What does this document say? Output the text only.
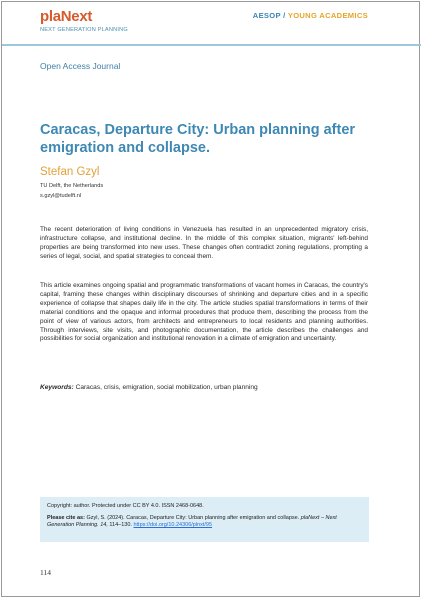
plaNext
NEXT GENERATION PLANNING
AESOP / YOUNG ACADEMICS
Open Access Journal
Caracas, Departure City: Urban planning after emigration and collapse.
Stefan Gzyl
TU Delft, the Netherlands
s.gzyl@tudelft.nl

The recent deterioration of living conditions in Venezuela has resulted in an unprecedented migratory crisis, infrastructure collapse, and institutional decline. In the middle of this complex situation, migrants' left-behind properties are being transformed into new uses. These changes often contradict zoning regulations, prompting a series of legal, social, and spatial strategies to conceal them.

This article examines ongoing spatial and programmatic transformations of vacant homes in Caracas, the country's capital, framing these changes within disciplinary discourses of shrinking and departure cities and in a specific experience of collapse that shapes daily life in the city. The article studies spatial transformations in terms of their material conditions and the opaque and informal procedures that produce them, describing the process from the point of view of various actors, from architects and entrepreneurs to local residents and planning authorities. Through interviews, site visits, and photographic documentation, the article describes the challenges and possibilities for social organization and institutional renovation in a climate of emigration and uncertainty.

Keywords: Caracas, crisis, emigration, social mobilization, urban planning

Copyright: author. Protected under CC BY 4.0. ISSN 2468-0648.

Please cite as: Gzyl, S. (2024). Caracas, Departure City: Urban planning after emigration and collapse. plaNext – Next Generation Planning. 14, 114–130. https://doi.org/10.24306/plnxt/95

114
